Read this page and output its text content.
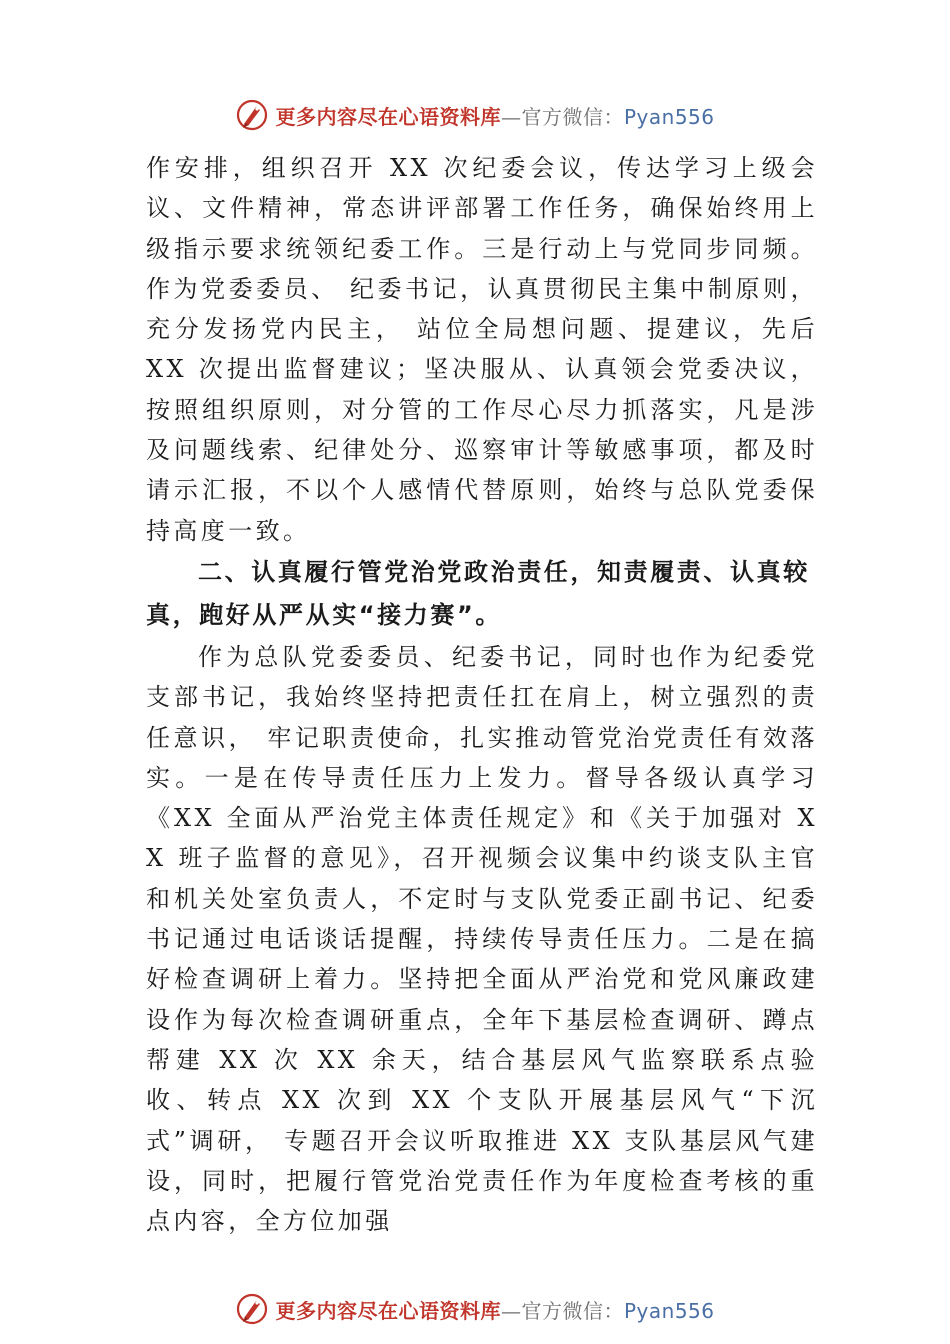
更多内容尽在心语资料库—官方微信：Pyan556

作安排，组织召开 XX 次纪委会议，传达学习上级会议、文件精神，常态讲评部署工作任务，确保始终用上级指示要求统领纪委工作。三是行动上与党同步同频。作为党委委员、 纪委书记，认真贯彻民主集中制原则，充分发扬党内民主， 站位全局想问题、提建议，先后 XX 次提出监督建议；坚决服从、认真领会党委决议，按照组织原则，对分管的工作尽心尽力抓落实，凡是涉及问题线索、纪律处分、巡察审计等敏感事项，都及时请示汇报，不以个人感情代替原则，始终与总队党委保持高度一致。

二、认真履行管党治党政治责任，知责履责、认真较真，跑好从严从实“接力赛”。

作为总队党委委员、纪委书记，同时也作为纪委党支部书记，我始终坚持把责任扛在肩上，树立强烈的责任意识， 牢记职责使命，扎实推动管党治党责任有效落实。一是在传导责任压力上发力。督导各级认真学习《XX 全面从严治党主体责任规定》和《关于加强对 XX 班子监督的意见》，召开视频会议集中约谈支队主官和机关处室负责人，不定时与支队党委正副书记、纪委书记通过电话谈话提醒，持续传导责任压力。二是在搞好检查调研上着力。坚持把全面从严治党和党风廉政建设作为每次检查调研重点，全年下基层检查调研、蹲点帮建 XX 次 XX 余天，结合基层风气监察联系点验收、转点 XX 次到 XX 个支队开展基层风气“下沉式”调研， 专题召开会议听取推进 XX 支队基层风气建设，同时，把履行管党治党责任作为年度检查考核的重点内容，全方位加强

更多内容尽在心语资料库—官方微信：Pyan556
